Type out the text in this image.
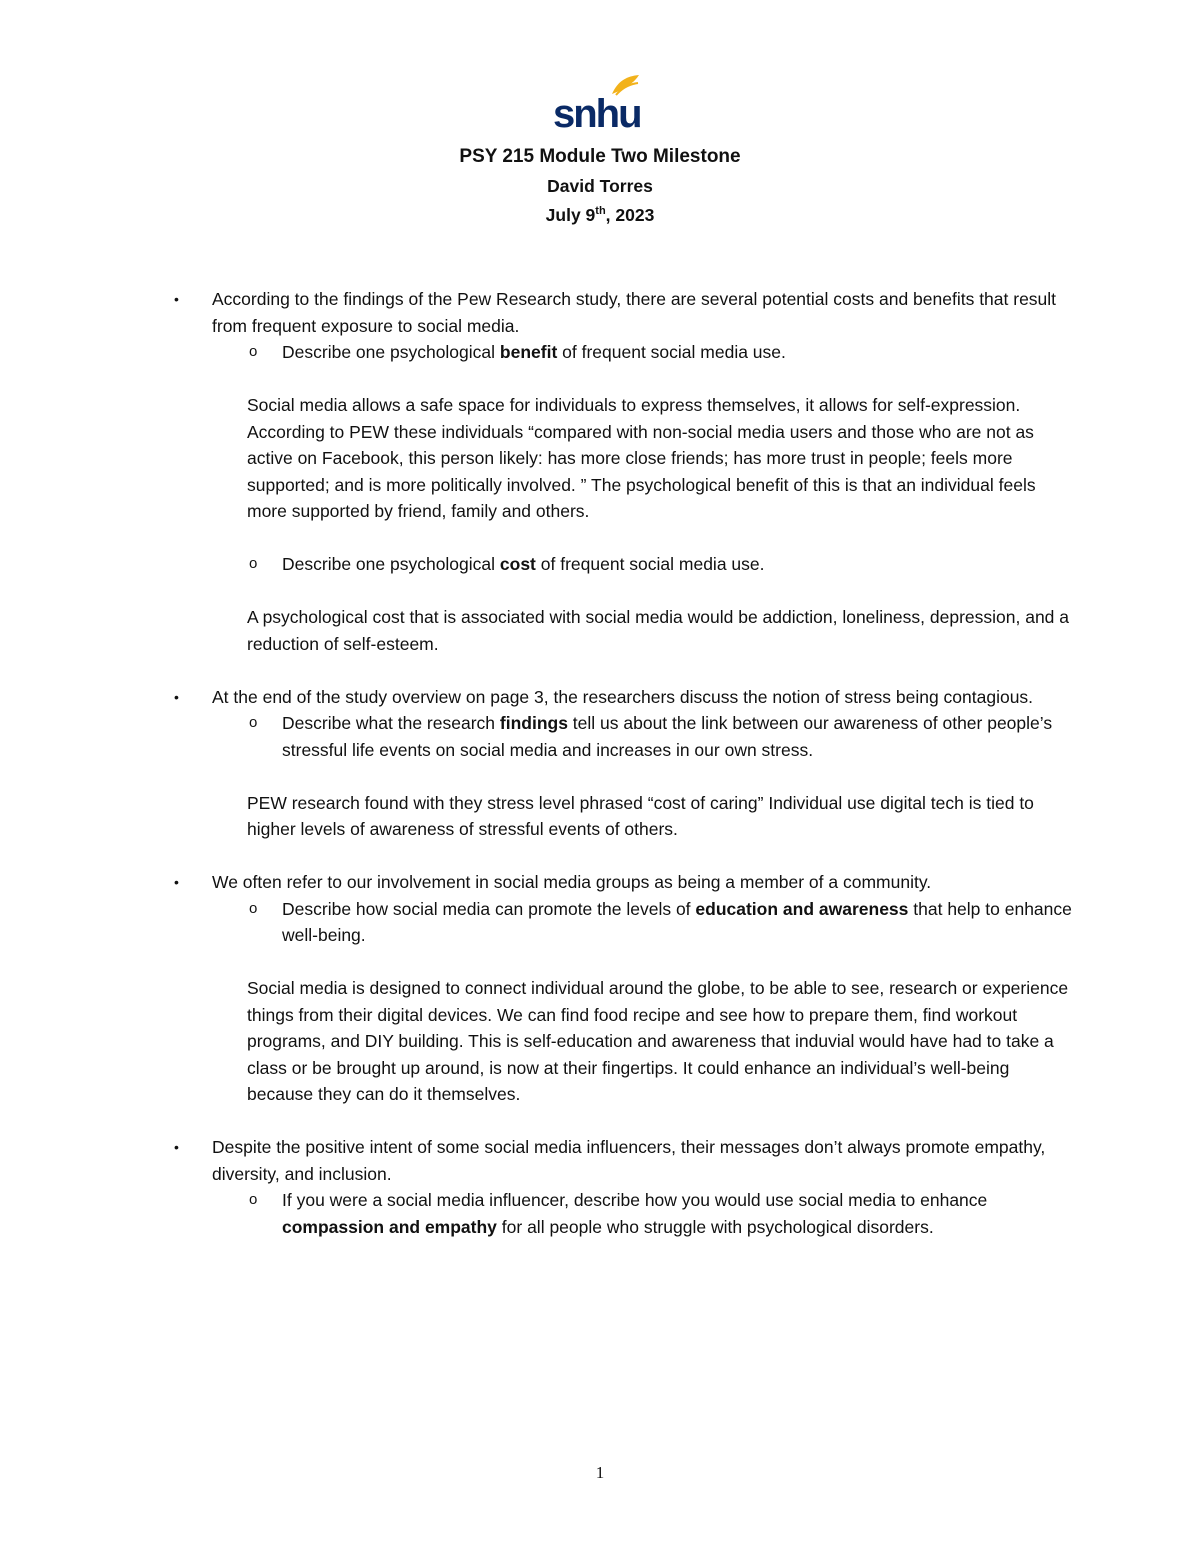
snhu
PSY 215 Module Two Milestone
David Torres
July 9th, 2023
• According to the findings of the Pew Research study, there are several potential costs and benefits that result from frequent exposure to social media.
o Describe one psychological benefit of frequent social media use.
Social media allows a safe space for individuals to express themselves, it allows for self-expression. According to PEW these individuals “compared with non-social media users and those who are not as active on Facebook, this person likely: has more close friends; has more trust in people; feels more supported; and is more politically involved. ” The psychological benefit of this is that an individual feels more supported by friend, family and others.
o Describe one psychological cost of frequent social media use.
A psychological cost that is associated with social media would be addiction, loneliness, depression, and a reduction of self-esteem.
• At the end of the study overview on page 3, the researchers discuss the notion of stress being contagious.
o Describe what the research findings tell us about the link between our awareness of other people’s stressful life events on social media and increases in our own stress.
PEW research found with they stress level phrased “cost of caring” Individual use digital tech is tied to higher levels of awareness of stressful events of others.
• We often refer to our involvement in social media groups as being a member of a community.
o Describe how social media can promote the levels of education and awareness that help to enhance well-being.
Social media is designed to connect individual around the globe, to be able to see, research or experience things from their digital devices. We can find food recipe and see how to prepare them, find workout programs, and DIY building. This is self-education and awareness that induvial would have had to take a class or be brought up around, is now at their fingertips. It could enhance an individual’s well-being because they can do it themselves.
• Despite the positive intent of some social media influencers, their messages don’t always promote empathy, diversity, and inclusion.
o If you were a social media influencer, describe how you would use social media to enhance compassion and empathy for all people who struggle with psychological disorders.
1
